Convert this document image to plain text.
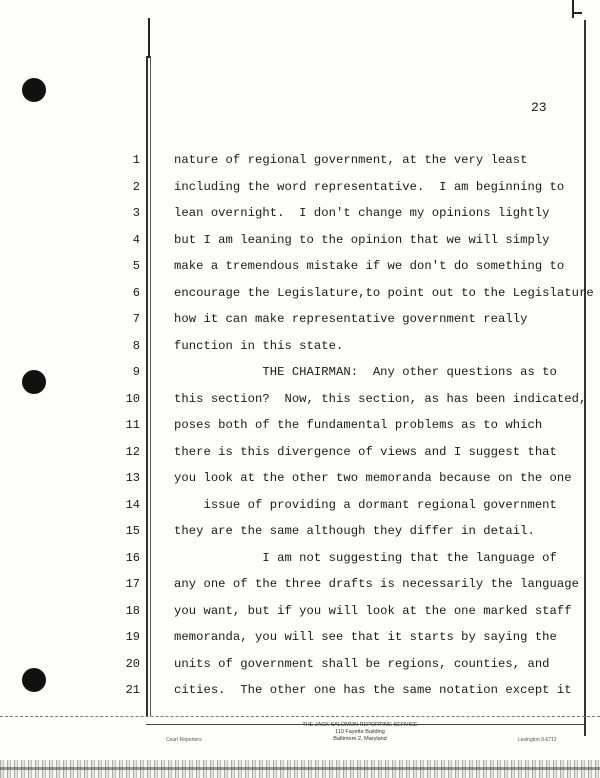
23
1	nature of regional government, at the very least
2	including the word representative.  I am beginning to
3	lean overnight.  I don't change my opinions lightly
4	but I am leaning to the opinion that we will simply
5	make a tremendous mistake if we don't do something to
6	encourage the Legislature,to point out to the Legislature
7	how it can make representative government really
8	function in this state.
9	THE CHAIRMAN:  Any other questions as to
10	this section?  Now, this section, as has been indicated,
11	poses both of the fundamental problems as to which
12	there is this divergence of views and I suggest that
13	you look at the other two memoranda because on the one
14	issue of providing a dormant regional government
15	they are the same although they differ in detail.
16	I am not suggesting that the language of
17	any one of the three drafts is necessarily the language
18	you want, but if you will look at the one marked staff
19	memoranda, you will see that it starts by saying the
20	units of government shall be regions, counties, and
21	cities.  The other one has the same notation except it
THE JACK SALOMON REPORTING SERVICE
110 Fayette Building
Baltimore 2, Maryland
Court Reporters	Lexington 9-6712
